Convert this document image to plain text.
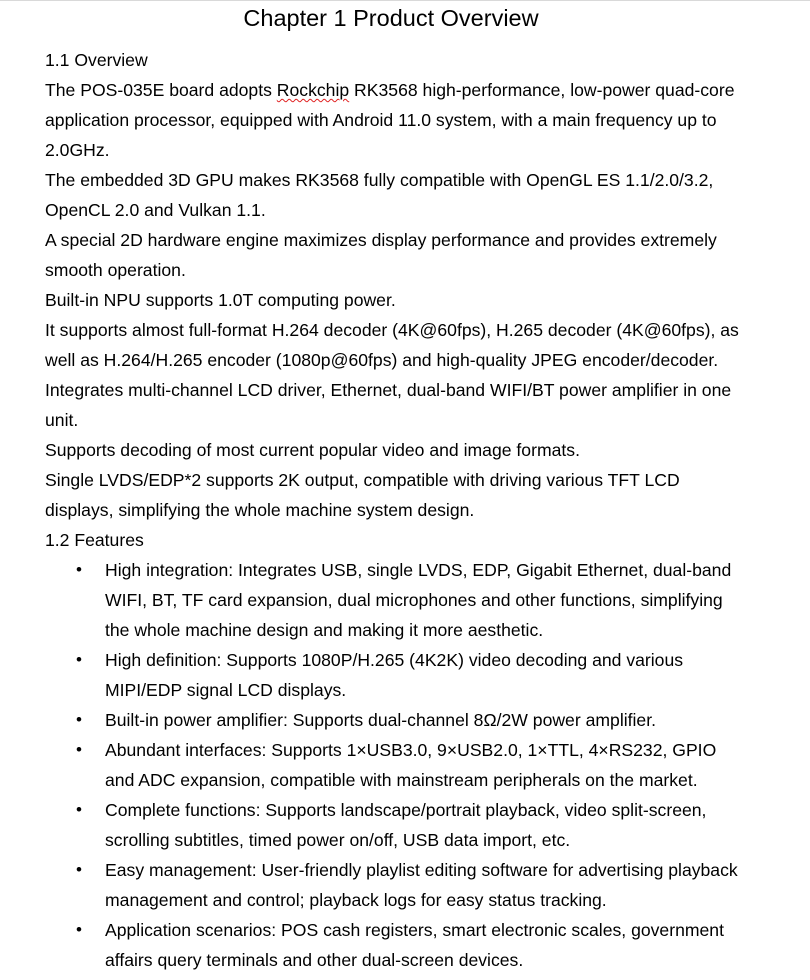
Chapter 1 Product Overview
1.1 Overview
The POS-035E board adopts Rockchip RK3568 high-performance, low-power quad-core
application processor, equipped with Android 11.0 system, with a main frequency up to
2.0GHz.
The embedded 3D GPU makes RK3568 fully compatible with OpenGL ES 1.1/2.0/3.2,
OpenCL 2.0 and Vulkan 1.1.
A special 2D hardware engine maximizes display performance and provides extremely
smooth operation.
Built-in NPU supports 1.0T computing power.
It supports almost full-format H.264 decoder (4K@60fps), H.265 decoder (4K@60fps), as
well as H.264/H.265 encoder (1080p@60fps) and high-quality JPEG encoder/decoder.
Integrates multi-channel LCD driver, Ethernet, dual-band WIFI/BT power amplifier in one
unit.
Supports decoding of most current popular video and image formats.
Single LVDS/EDP*2 supports 2K output, compatible with driving various TFT LCD
displays, simplifying the whole machine system design.
1.2 Features
• High integration: Integrates USB, single LVDS, EDP, Gigabit Ethernet, dual-band
WIFI, BT, TF card expansion, dual microphones and other functions, simplifying
the whole machine design and making it more aesthetic.
• High definition: Supports 1080P/H.265 (4K2K) video decoding and various
MIPI/EDP signal LCD displays.
• Built-in power amplifier: Supports dual-channel 8Ω/2W power amplifier.
• Abundant interfaces: Supports 1×USB3.0, 9×USB2.0, 1×TTL, 4×RS232, GPIO
and ADC expansion, compatible with mainstream peripherals on the market.
• Complete functions: Supports landscape/portrait playback, video split-screen,
scrolling subtitles, timed power on/off, USB data import, etc.
• Easy management: User-friendly playlist editing software for advertising playback
management and control; playback logs for easy status tracking.
• Application scenarios: POS cash registers, smart electronic scales, government
affairs query terminals and other dual-screen devices.
